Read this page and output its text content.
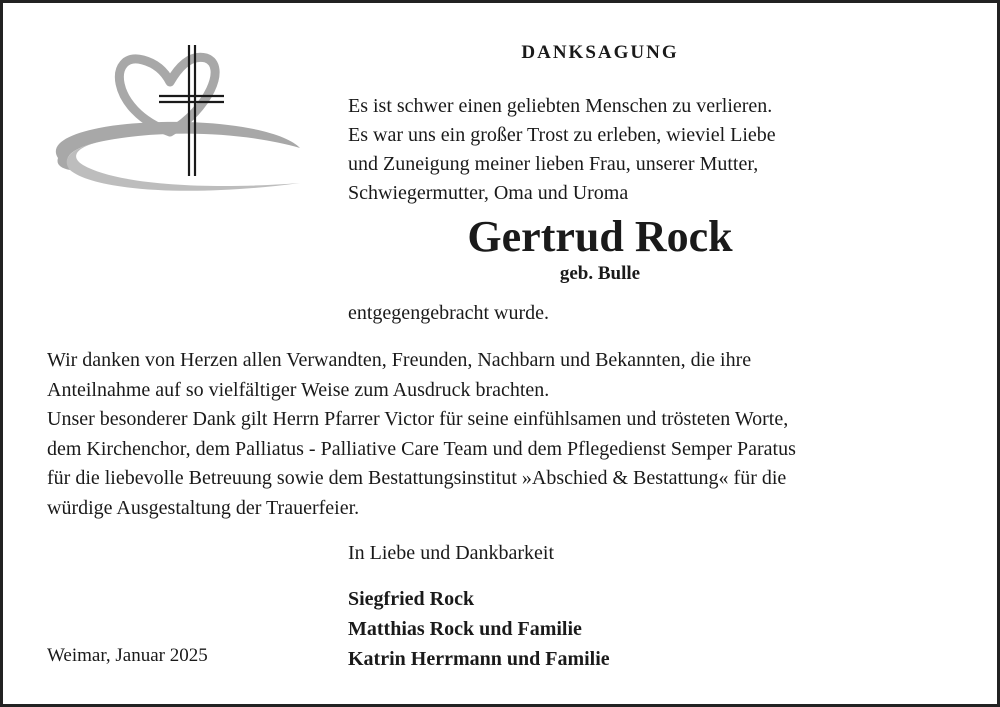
DANKSAGUNG
Es ist schwer einen geliebten Menschen zu verlieren.
Es war uns ein großer Trost zu erleben, wieviel Liebe
und Zuneigung meiner lieben Frau, unserer Mutter,
Schwiegermutter, Oma und Uroma
Gertrud Rock
geb. Bulle
entgegengebracht wurde.
Wir danken von Herzen allen Verwandten, Freunden, Nachbarn und Bekannten, die ihre
Anteilnahme auf so vielfältiger Weise zum Ausdruck brachten.
Unser besonderer Dank gilt Herrn Pfarrer Victor für seine einfühlsamen und trösteten Worte,
dem Kirchenchor, dem Palliatus - Palliative Care Team und dem Pflegedienst Semper Paratus
für die liebevolle Betreuung sowie dem Bestattungsinstitut »Abschied & Bestattung« für die
würdige Ausgestaltung der Trauerfeier.
In Liebe und Dankbarkeit
Siegfried Rock
Matthias Rock und Familie
Katrin Herrmann und Familie
Weimar, Januar 2025
